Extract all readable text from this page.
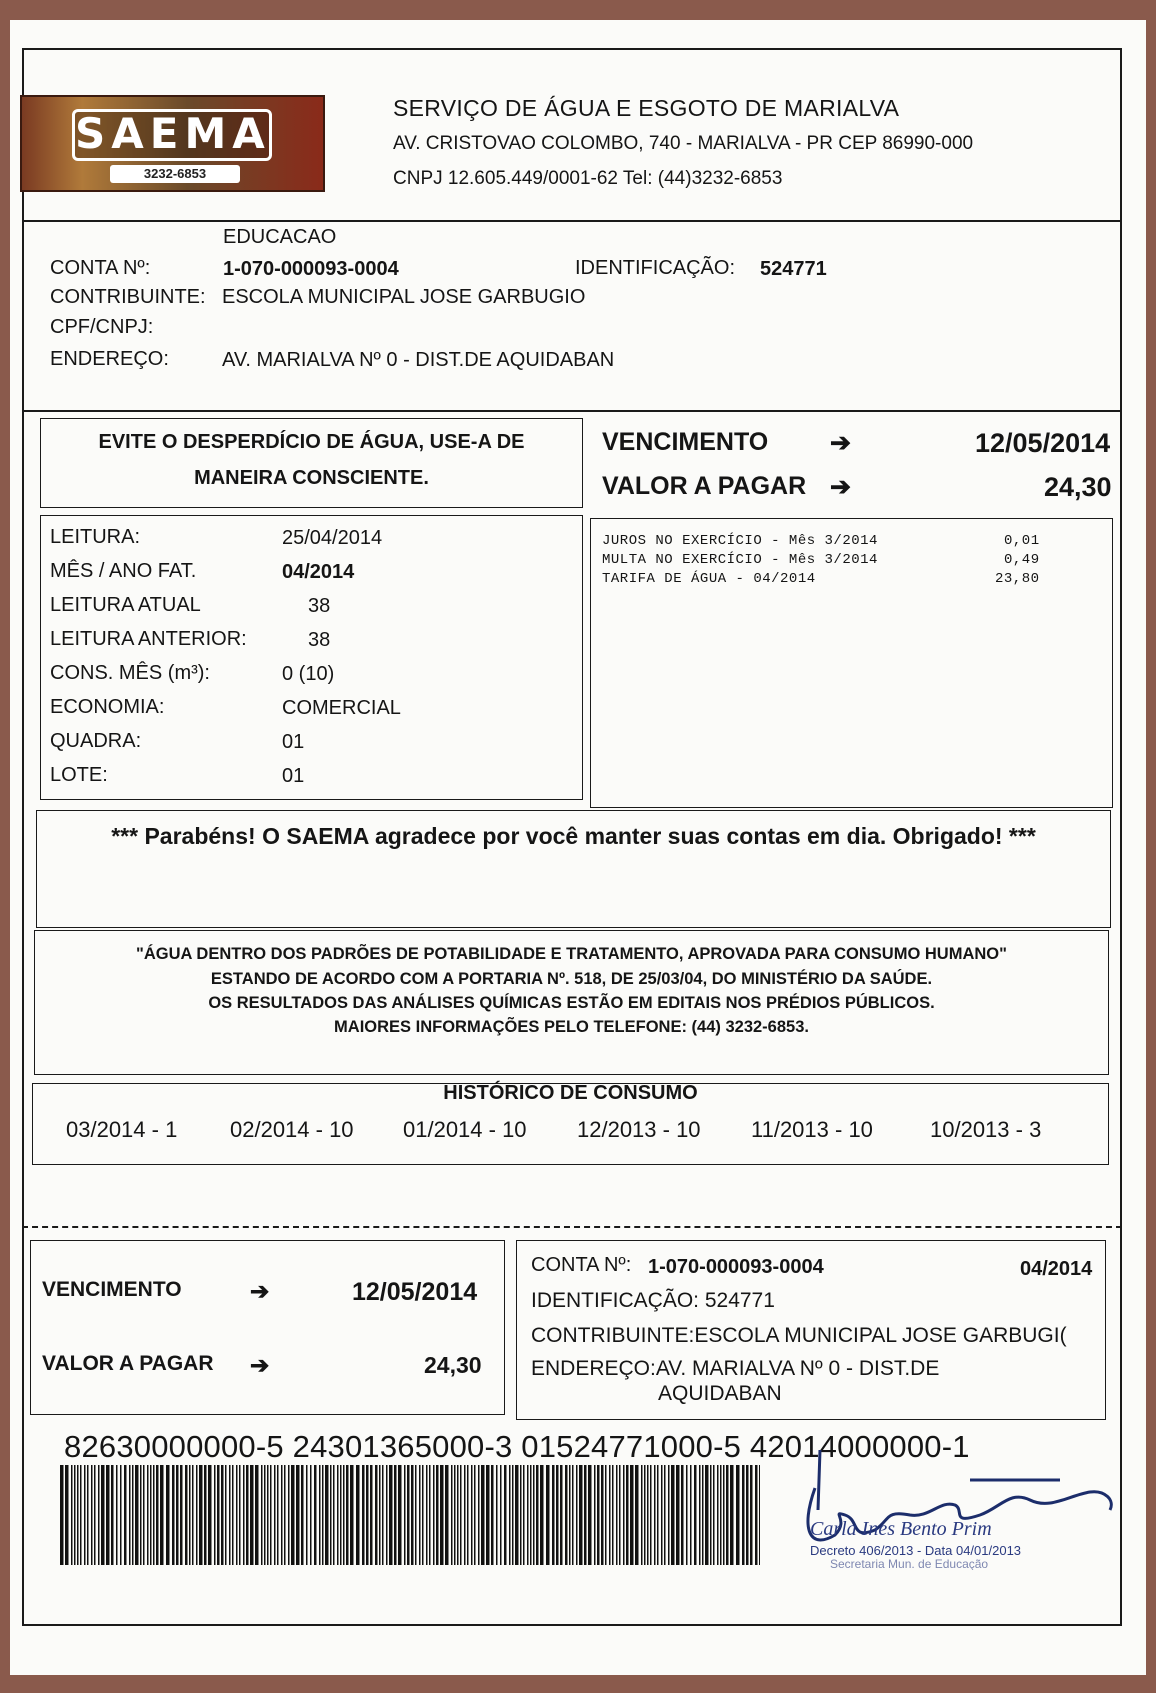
SAEMA
3232-6853
SERVIÇO DE ÁGUA E ESGOTO DE MARIALVA
AV. CRISTOVAO COLOMBO, 740 - MARIALVA - PR CEP 86990-000
CNPJ 12.605.449/0001-62 Tel: (44)3232-6853
EDUCACAO
CONTA Nº:	1-070-000093-0004	IDENTIFICAÇÃO: 524771
CONTRIBUINTE: ESCOLA MUNICIPAL JOSE GARBUGIO
CPF/CNPJ:
ENDEREÇO:	AV. MARIALVA Nº 0 - DIST.DE AQUIDABAN
EVITE O DESPERDÍCIO DE ÁGUA, USE-A DE
MANEIRA CONSCIENTE.
VENCIMENTO ➔	12/05/2014
VALOR A PAGAR ➔	24,30
LEITURA:	25/04/2014
MÊS / ANO FAT.	04/2014
LEITURA ATUAL	38
LEITURA ANTERIOR:	38
CONS. MÊS (m³):	0 (10)
ECONOMIA:	COMERCIAL
QUADRA:	01
LOTE:	01
JUROS NO EXERCÍCIO - Mês 3/2014	0,01
MULTA NO EXERCÍCIO - Mês 3/2014	0,49
TARIFA DE ÁGUA - 04/2014	23,80
*** Parabéns! O SAEMA agradece por você manter suas contas em dia. Obrigado! ***
"ÁGUA DENTRO DOS PADRÕES DE POTABILIDADE E TRATAMENTO, APROVADA PARA CONSUMO HUMANO"
ESTANDO DE ACORDO COM A PORTARIA Nº. 518, DE 25/03/04, DO MINISTÉRIO DA SAÚDE.
OS RESULTADOS DAS ANÁLISES QUÍMICAS ESTÃO EM EDITAIS NOS PRÉDIOS PÚBLICOS.
MAIORES INFORMAÇÕES PELO TELEFONE: (44) 3232-6853.
HISTÓRICO DE CONSUMO
03/2014 - 1 02/2014 - 10 01/2014 - 10 12/2013 - 10 11/2013 - 10	10/2013 - 3
VENCIMENTO	➔	12/05/2014
VALOR A PAGAR ➔	24,30
CONTA Nº: 1-070-000093-0004	04/2014
IDENTIFICAÇÃO: 524771
CONTRIBUINTE:ESCOLA MUNICIPAL JOSE GARBUGI(
ENDEREÇO:AV. MARIALVA Nº 0 - DIST.DE
AQUIDABAN
82630000000-5 24301365000-3 01524771000-5 42014000000-1
Carla Ines Bento Prim
Decreto 406/2013 - Data 04/01/2013
Secretaria Mun. de Educação
